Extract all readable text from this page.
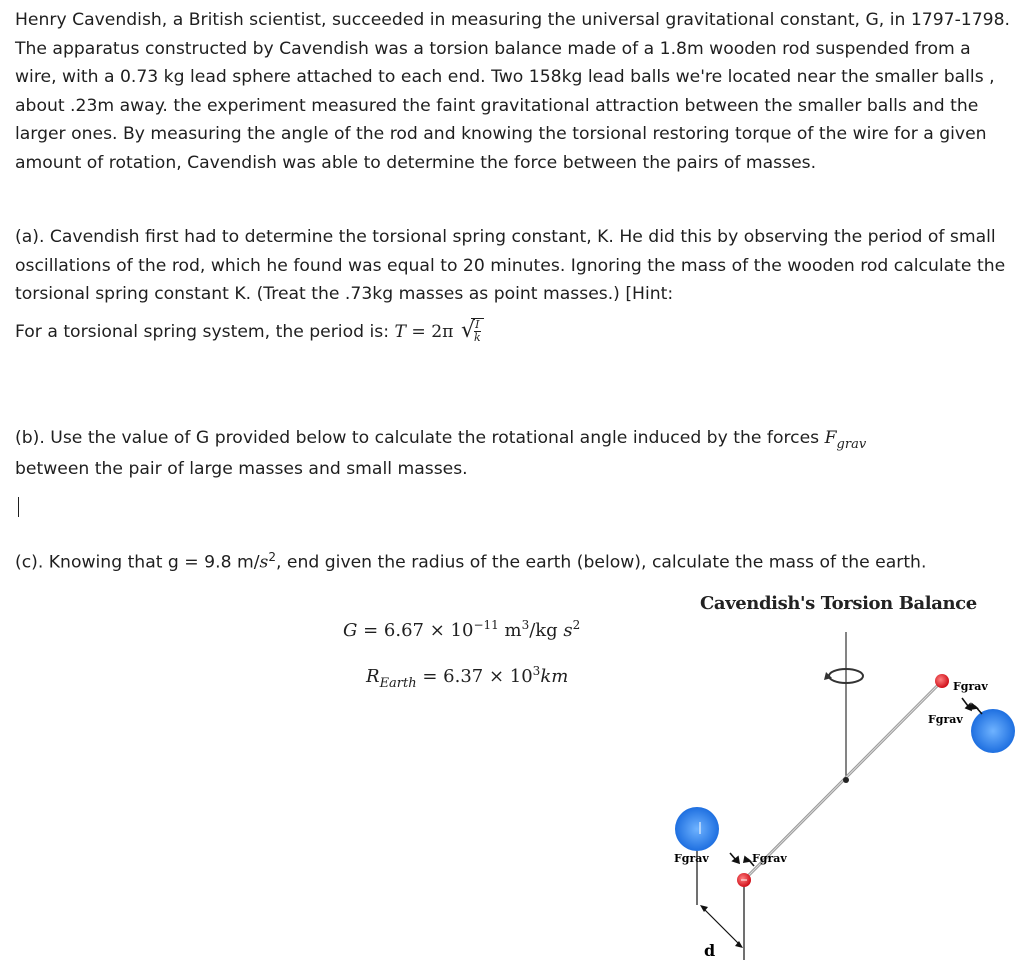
Henry Cavendish, a British scientist, succeeded in measuring the universal gravitational constant, G, in 1797-1798. The apparatus constructed by Cavendish was a torsion balance made of a 1.8m wooden rod suspended from a wire, with a 0.73 kg lead sphere attached to each end. Two 158kg lead balls we're located near the smaller balls , about .23m away. the experiment measured the faint gravitational attraction between the smaller balls and the larger ones. By measuring the angle of the rod and knowing the torsional restoring torque of the wire for a given amount of rotation, Cavendish was able to determine the force between the pairs of masses.

(a). Cavendish first had to determine the torsional spring constant, K. He did this by observing the period of small oscillations of the rod, which he found was equal to 20 minutes. Ignoring the mass of the wooden rod calculate the torsional spring constant K. (Treat the .73kg masses as point masses.) [Hint:

For a torsional spring system, the period is: T = 2π √
$\frac{I}{k}$

(b). Use the value of G provided below to calculate the rotational angle induced by the forces $F_{grav}$
between the pair of large masses and small masses.

(c). Knowing that g = 9.8 $m/s^2$, end given the radius of the earth (below), calculate the mass of the earth.

$G = 6.67 \times 10^{-11}$ $m^3/kg$ $s^2$
$R_{Earth} = 6.37 \times 10^3km$
Cavendish's Torsion Balance
Fgrav
Fgrav
Fgrav	Fgrav
d
